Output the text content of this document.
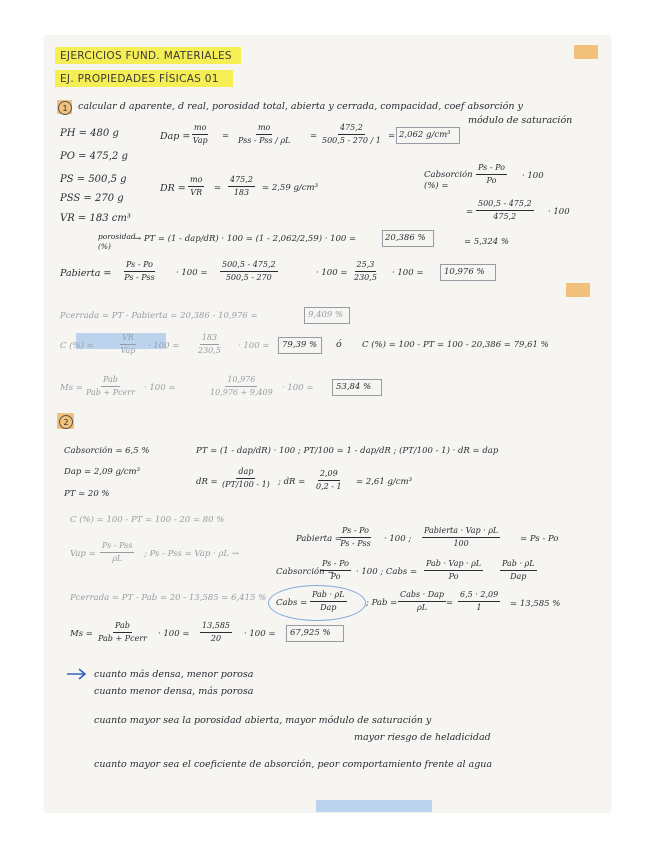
EJERCICIOS FUND. MATERIALES
EJ. PROPIEDADES FÍSICAS 01
1	calcular d aparente, d real, porosidad total, abierta y cerrada, compacidad, coef absorción y
módulo de saturación
PH = 480 g
PO = 475,2 g
PS = 500,5 g
PSS = 270 g
VR = 183 cm³
Dap =
mo
Vap =
mo
Pss - Pss / $\rho L = \frac{475,2}{500,5 - 270 / 1} = 2,062$ g/cm³
DR = $\frac{mo}{VR} = \frac{475,2}{183} = 2,59$ g/cm³
Cabsorción (%) =
$\frac{Ps - Po}{Po} \cdot 100$
= $\frac{500,5 - 475,2}{475,2} \cdot 100$
= 5,324 %
porosidad (%)
→ PT = (1 - dap/dR) · 100 = (1 - 2,062/2,59) · 100 =	20,386 %
Pabierta =
Ps - Po
Ps - Pss	· $100 = \frac{500,5 - 475,2}{500,5 - 270}$	· $100 = \frac{25,3}{230,5} \cdot 100 = 10,976$ %
Pcerrada = PT - Pabierta = 20,386 - 10,976 =	9,409 %
C (%) =
VR
Vap · $100 = \frac{183}{230,5} \cdot 100 = 79,39$ % ó C (%) = 100 - PT = 100 - 20,386 = 79,61 %
Ms =
Pab
Pab + Pcerr · 100 =	$\frac{10,976}{10,976 + 9,409} \cdot 100$ =	53,84 %
2
Cabsorción = 6,5 %
Dap = 2,09 g/cm³
PT = 20 %
PT = (1 - dap/dR) · 100 ; PT/100 = 1 - dap/dR ; (PT/100 - 1) · dR = dap
dR =
dap
(PT/100 - 1) ; dR = $\frac{2,09}{0,2 - 1} = 2,61$ g/cm³
C (%) = 100 - PT = 100 - 20 = 80 %
Vap =
Ps - Pss
ρL	; Ps - Pss = Vap · ρL →
Pabierta =
Ps - Po
Ps - Pss · 100 ;
Pabierta · Vap · ρL
100	= Ps - Po
Cabsorción =
$\frac{Ps - Po}{Po} \cdot 100$ ; Cabs =
Pab · Vap · ρL
Po
Pab · ρL
Dap
Pcerrada = PT - Pab = 20 - 13,585 = 6,415 % Cabs =
Pab · ρL
Dap	; Pab =
Cabs · Dap
$\rho L = \frac{6,5 \cdot 2,09}{1} = 13,585$ %
Ms =
Pab
Pab + Pcerr · $100 = \frac{13,585}{20} \cdot 100 = 67,925$ %
cuanto más densa, menor porosa
cuanto menor densa, más porosa
cuanto mayor sea la porosidad abierta, mayor módulo de saturación y
mayor riesgo de heladicidad
cuanto mayor sea el coeficiente de absorción, peor comportamiento frente al agua
